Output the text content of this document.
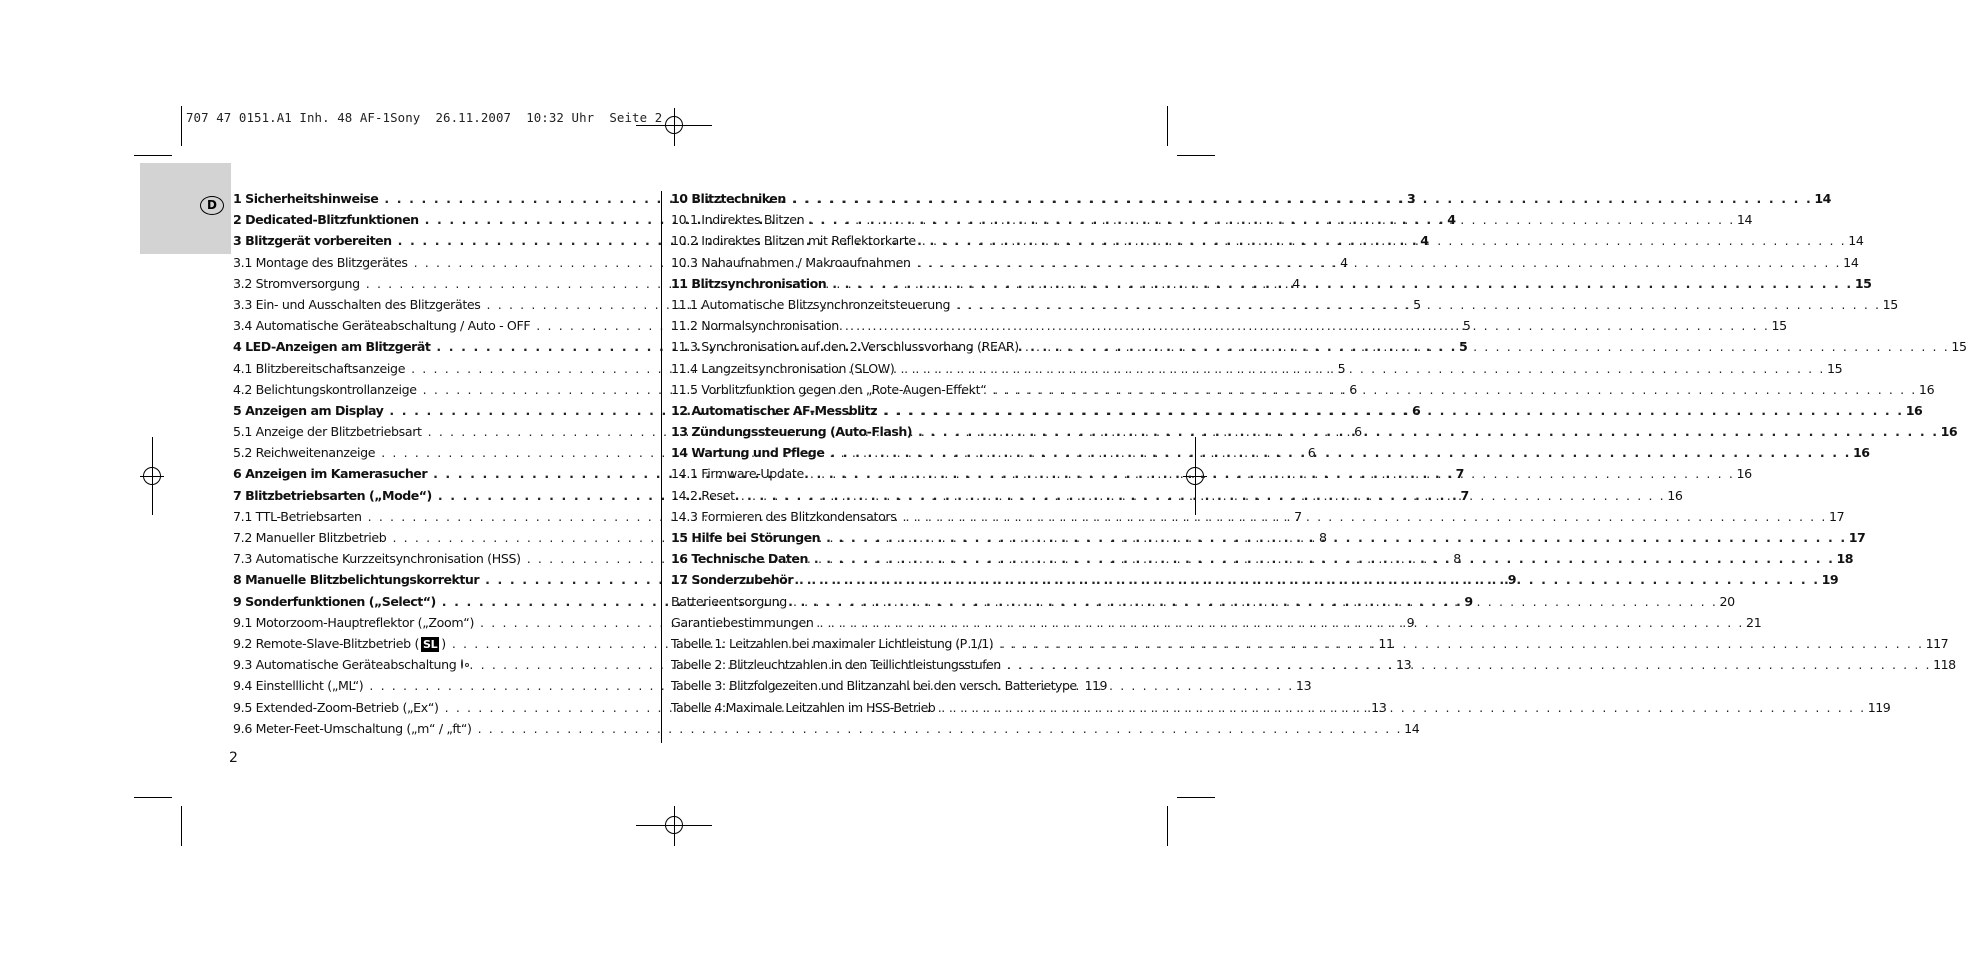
707 47 0151.A1 Inh. 48 AF-1Sony  26.11.2007  10:32 Uhr  Seite 2
D	1 Sicherheitshinweise . . .	3
2 Dedicated-Blitzfunktionen . . .	4
3 Blitzgerät vorbereiten . . .	4
3.1 Montage des Blitzgerätes . . .	4
3.2 Stromversorgung . . .	4
3.3 Ein- und Ausschalten des Blitzgerätes . . .	5
3.4 Automatische Geräteabschaltung / Auto - OFF . . .	5
4 LED-Anzeigen am Blitzgerät . . .	5
4.1 Blitzbereitschaftsanzeige . . .	5
4.2 Belichtungskontrollanzeige . . .	6
5 Anzeigen am Display . . .	6
5.1 Anzeige der Blitzbetriebsart . . .	6
5.2 Reichweitenanzeige . . .	6
6 Anzeigen im Kamerasucher . . .	7
7 Blitzbetriebsarten („Mode“) . . .	7
7.1 TTL-Betriebsarten . . .	7
7.2 Manueller Blitzbetrieb . . .	8
7.3 Automatische Kurzzeitsynchronisation (HSS) . . .	8
8 Manuelle Blitzbelichtungskorrektur . . .	9
9 Sonderfunktionen („Select“) . . .	9
9.1 Motorzoom-Hauptreflektor („Zoom“) . . .	9
9.2 Remote-Slave-Blitzbetrieb ( SL ) . . .	11
9.3 Automatische Geräteabschaltung . . .	13
9.4 Einstelllicht („ML“) . . .	13
9.5 Extended-Zoom-Betrieb („Ex“) . . .	13
9.6 Meter-Feet-Umschaltung („m“ / „ft“) . . .	14
10 Blitztechniken . . .	14
10.1 Indirektes Blitzen . . .	14
10.2 Indirektes Blitzen mit Reflektorkarte . . .	14
10.3 Nahaufnahmen / Makroaufnahmen . . .	14
11 Blitzsynchronisation . . .	15
11.1 Automatische Blitzsynchronzeitsteuerung . . .	15
11.2 Normalsynchronisation . . .	15
11.3 Synchronisation auf den 2.Verschlussvorhang (REAR) . . .	15
11.4 Langzeitsynchronisation (SLOW) . . .	15
11.5 Vorblitzfunktion gegen den „Rote-Augen-Effekt“ . . .	16
12 Automatischer AF-Messblitz . . .	16
13 Zündungssteuerung (Auto-Flash) . . .	16
14 Wartung und Pflege . . .	16
14.1 Firmware-Update . . .	16
14.2 Reset . . .	16
14.3 Formieren des Blitzkondensators . . .	17
15 Hilfe bei Störungen . . .	17
16 Technische Daten . . .	18
17 Sonderzubehör . . .	19
Batterieentsorgung . . .	20
Garantiebestimmungen . . .	21
Tabelle 1: Leitzahlen bei maximaler Lichtleistung (P 1/1) . . .	117
Tabelle 2: Blitzleuchtzahlen in den Teillichtleistungsstufen . . .	118
Tabelle 3: Blitzfolgezeiten und Blitzanzahl bei den versch. Batterietype 119
Tabelle 4:Maximale Leitzahlen im HSS-Betrieb . . .	119
2
